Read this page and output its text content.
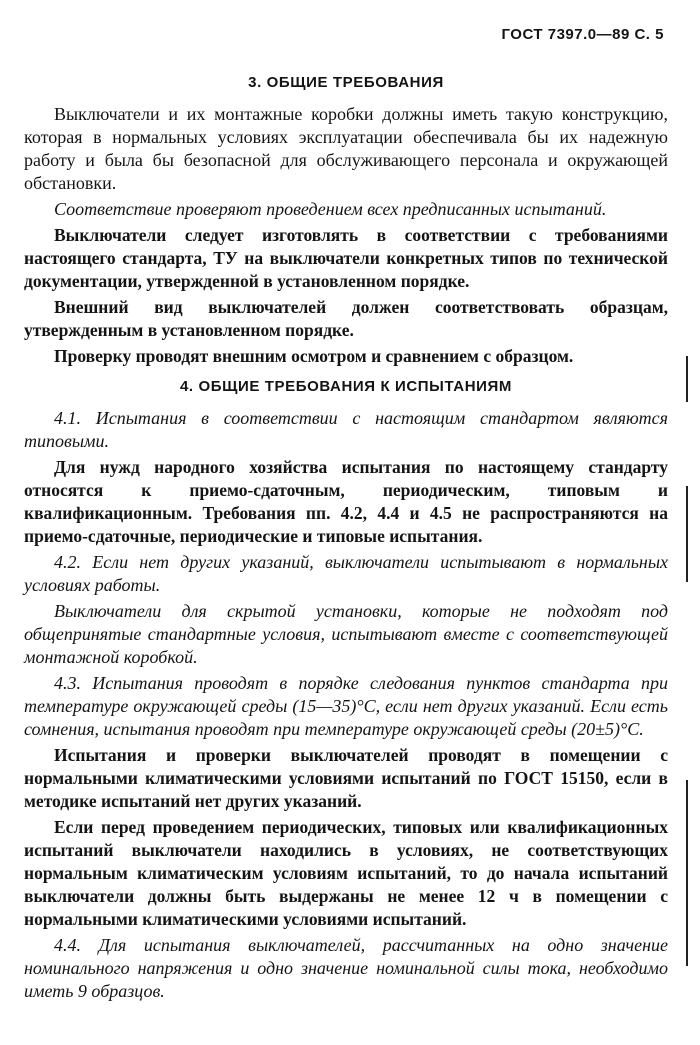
ГОСТ 7397.0—89 С. 5
3. ОБЩИЕ ТРЕБОВАНИЯ

Выключатели и их монтажные коробки должны иметь такую конструкцию, которая в нормальных условиях эксплуатации обеспечивала бы их надежную работу и была бы безопасной для обслуживающего персонала и окружающей обстановки.

Соответствие проверяют проведением всех предписанных испытаний.

Выключатели следует изготовлять в соответствии с требованиями настоящего стандарта, ТУ на выключатели конкретных типов по технической документации, утвержденной в установленном порядке.

Внешний вид выключателей должен соответствовать образцам, утвержденным в установленном порядке.

Проверку проводят внешним осмотром и сравнением с образцом.

4. ОБЩИЕ ТРЕБОВАНИЯ К ИСПЫТАНИЯМ

4.1. Испытания в соответствии с настоящим стандартом являются типовыми.

Для нужд народного хозяйства испытания по настоящему стандарту относятся к приемо-сдаточным, периодическим, типовым и квалификационным. Требования пп. 4.2, 4.4 и 4.5 не распространяются на приемо-сдаточные, периодические и типовые испытания.

4.2. Если нет других указаний, выключатели испытывают в нормальных условиях работы.

Выключатели для скрытой установки, которые не подходят под общепринятые стандартные условия, испытывают вместе с соответствующей монтажной коробкой.

4.3. Испытания проводят в порядке следования пунктов стандарта при температуре окружающей среды (15—35)°С, если нет других указаний. Если есть сомнения, испытания проводят при температуре окружающей среды (20±5)°С.

Испытания и проверки выключателей проводят в помещении с нормальными климатическими условиями испытаний по ГОСТ 15150, если в методике испытаний нет других указаний.

Если перед проведением периодических, типовых или квалификационных испытаний выключатели находились в условиях, не соответствующих нормальным климатическим условиям испытаний, то до начала испытаний выключатели должны быть выдержаны не менее 12 ч в помещении с нормальными климатическими условиями испытаний.

4.4. Для испытания выключателей, рассчитанных на одно значение номинального напряжения и одно значение номинальной силы тока, необходимо иметь 9 образцов.
